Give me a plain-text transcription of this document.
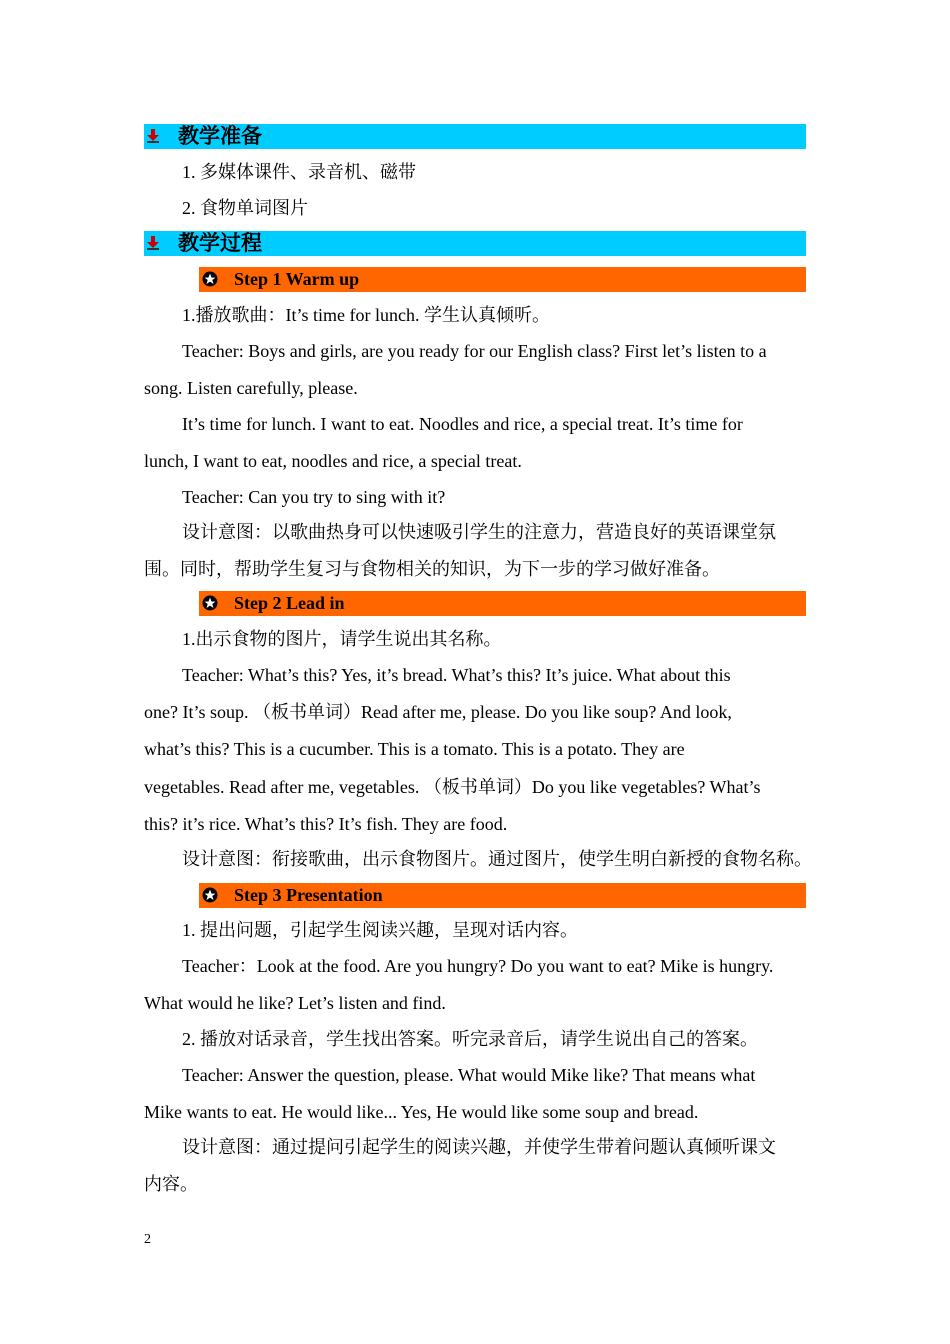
教学准备
1. 多媒体课件、录音机、磁带
2. 食物单词图片
教学过程
Step 1 Warm up
1.播放歌曲：It’s time for lunch. 学生认真倾听。
Teacher: Boys and girls, are you ready for our English class? First let’s listen to a
song. Listen carefully, please.
It’s time for lunch. I want to eat. Noodles and rice, a special treat. It’s time for
lunch, I want to eat, noodles and rice, a special treat.
Teacher: Can you try to sing with it?
设计意图：以歌曲热身可以快速吸引学生的注意力，营造良好的英语课堂氛
围。同时，帮助学生复习与食物相关的知识，为下一步的学习做好准备。
Step 2 Lead in
1.出示食物的图片，请学生说出其名称。
Teacher: What’s this? Yes, it’s bread. What’s this? It’s juice. What about this
one? It’s soup. （板书单词）Read after me, please. Do you like soup? And look,
what’s this? This is a cucumber. This is a tomato. This is a potato. They are
vegetables. Read after me, vegetables. （板书单词）Do you like vegetables? What’s
this? it’s rice. What’s this? It’s fish. They are food.
设计意图：衔接歌曲，出示食物图片。通过图片，使学生明白新授的食物名称。
Step 3 Presentation
1. 提出问题，引起学生阅读兴趣，呈现对话内容。
Teacher：Look at the food. Are you hungry? Do you want to eat? Mike is hungry.
What would he like? Let’s listen and find.
2. 播放对话录音，学生找出答案。听完录音后，请学生说出自己的答案。
Teacher: Answer the question, please. What would Mike like? That means what
Mike wants to eat. He would like... Yes, He would like some soup and bread.
设计意图：通过提问引起学生的阅读兴趣，并使学生带着问题认真倾听课文
内容。
2
